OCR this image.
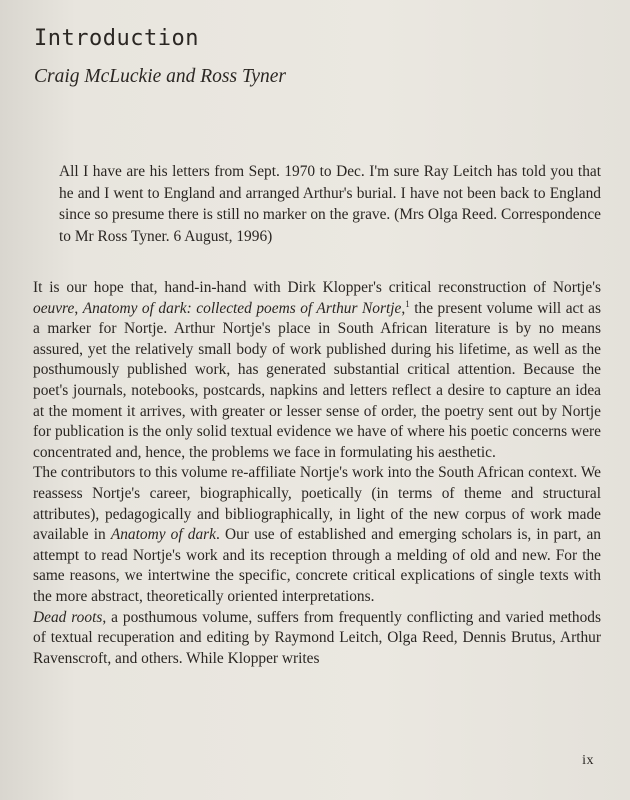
Introduction
Craig McLuckie and Ross Tyner
All I have are his letters from Sept. 1970 to Dec. I'm sure Ray Leitch has told you that he and I went to England and arranged Arthur's burial. I have not been back to England since so presume there is still no marker on the grave. (Mrs Olga Reed. Correspondence to Mr Ross Tyner. 6 August, 1996)

It is our hope that, hand-in-hand with Dirk Klopper's critical reconstruction of Nortje's oeuvre, Anatomy of dark: collected poems of Arthur Nortje,$^1$ the present volume will act as a marker for Nortje. Arthur Nortje's place in South African literature is by no means assured, yet the relatively small body of work published during his lifetime, as well as the posthumously published work, has generated substantial critical attention. Because the poet's journals, notebooks, postcards, napkins and letters reflect a desire to capture an idea at the moment it arrives, with greater or lesser sense of order, the poetry sent out by Nortje for publication is the only solid textual evidence we have of where his poetic concerns were concentrated and, hence, the problems we face in formulating his aesthetic.

The contributors to this volume re-affiliate Nortje's work into the South African context. We reassess Nortje's career, biographically, poetically (in terms of theme and structural attributes), pedagogically and bibliographically, in light of the new corpus of work made available in Anatomy of dark. Our use of established and emerging scholars is, in part, an attempt to read Nortje's work and its reception through a melding of old and new. For the same reasons, we intertwine the specific, concrete critical explications of single texts with the more abstract, theoretically oriented interpretations.

Dead roots, a posthumous volume, suffers from frequently conflicting and varied methods of textual recuperation and editing by Raymond Leitch, Olga Reed, Dennis Brutus, Arthur Ravenscroft, and others. While Klopper writes

ix
